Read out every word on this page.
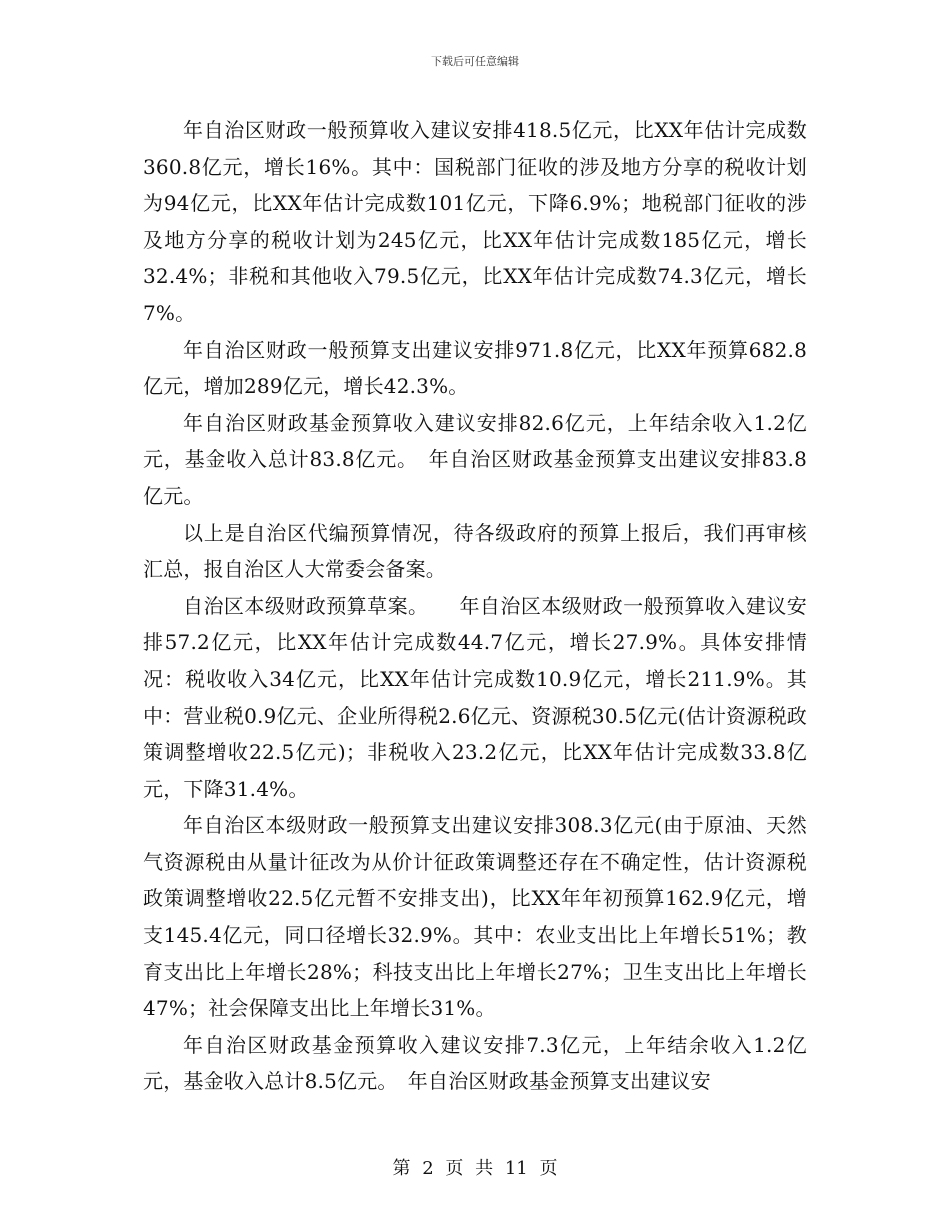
下载后可任意编辑

年自治区财政一般预算收入建议安排418.5亿元，比XX年估计完成数360.8亿元，增长16%。其中：国税部门征收的涉及地方分享的税收计划为94亿元，比XX年估计完成数101亿元，下降6.9%；地税部门征收的涉及地方分享的税收计划为245亿元，比XX年估计完成数185亿元，增长32.4%；非税和其他收入79.5亿元，比XX年估计完成数74.3亿元，增长7%。

年自治区财政一般预算支出建议安排971.8亿元，比XX年预算682.8亿元，增加289亿元，增长42.3%。

年自治区财政基金预算收入建议安排82.6亿元，上年结余收入1.2亿元，基金收入总计83.8亿元。　年自治区财政基金预算支出建议安排83.8亿元。

以上是自治区代编预算情况，待各级政府的预算上报后，我们再审核汇总，报自治区人大常委会备案。

自治区本级财政预算草案。　　年自治区本级财政一般预算收入建议安排57.2亿元，比XX年估计完成数44.7亿元，增长27.9%。具体安排情况：税收收入34亿元，比XX年估计完成数10.9亿元，增长211.9%。其中：营业税0.9亿元、企业所得税2.6亿元、资源税30.5亿元(估计资源税政策调整增收22.5亿元)；非税收入23.2亿元，比XX年估计完成数33.8亿元，下降31.4%。

年自治区本级财政一般预算支出建议安排308.3亿元(由于原油、天然气资源税由从量计征改为从价计征政策调整还存在不确定性，估计资源税政策调整增收22.5亿元暂不安排支出)，比XX年年初预算162.9亿元，增支145.4亿元，同口径增长32.9%。其中：农业支出比上年增长51%；教育支出比上年增长28%；科技支出比上年增长27%；卫生支出比上年增长47%；社会保障支出比上年增长31%。

年自治区财政基金预算收入建议安排7.3亿元，上年结余收入1.2亿元，基金收入总计8.5亿元。　年自治区财政基金预算支出建议安

第 2 页 共 11 页
